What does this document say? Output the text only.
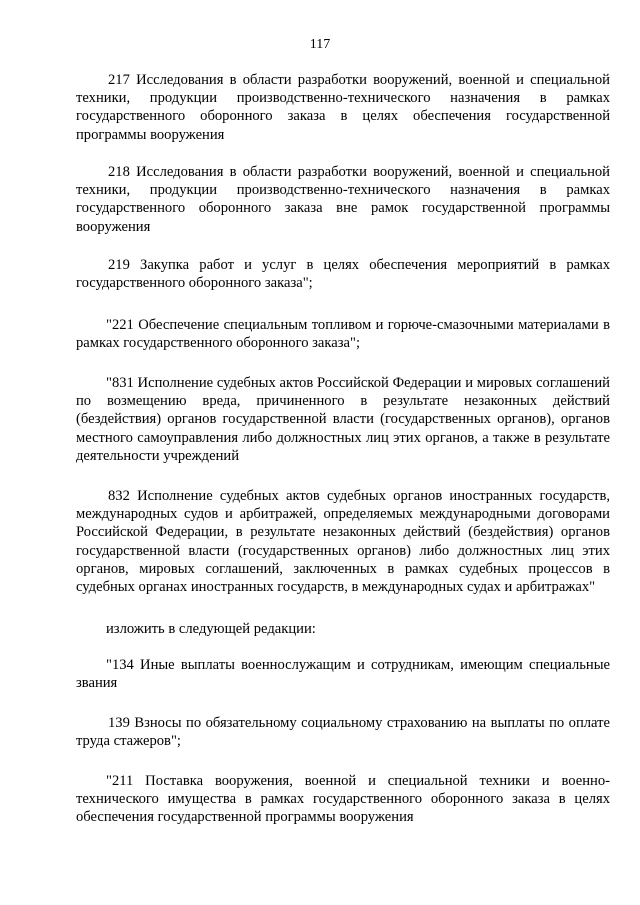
117
217 Исследования в области разработки вооружений, военной и специальной техники, продукции производственно-технического назначения в рамках государственного оборонного заказа в целях обеспечения государственной программы вооружения
218 Исследования в области разработки вооружений, военной и специальной техники, продукции производственно-технического назначения в рамках государственного оборонного заказа вне рамок государственной программы вооружения
219 Закупка работ и услуг в целях обеспечения мероприятий в рамках государственного оборонного заказа";
"221 Обеспечение специальным топливом и горюче-смазочными материалами в рамках государственного оборонного заказа";
"831 Исполнение судебных актов Российской Федерации и мировых соглашений по возмещению вреда, причиненного в результате незаконных действий (бездействия) органов государственной власти (государственных органов), органов местного самоуправления либо должностных лиц этих органов, а также в результате деятельности учреждений
832 Исполнение судебных актов судебных органов иностранных государств, международных судов и арбитражей, определяемых международными договорами Российской Федерации, в результате незаконных действий (бездействия) органов государственной власти (государственных органов) либо должностных лиц этих органов, мировых соглашений, заключенных в рамках судебных процессов в судебных органах иностранных государств, в международных судах и арбитражах"
изложить в следующей редакции:
"134 Иные выплаты военнослужащим и сотрудникам, имеющим специальные звания
139 Взносы по обязательному социальному страхованию на выплаты по оплате труда стажеров";
"211 Поставка вооружения, военной и специальной техники и военно-технического имущества в рамках государственного оборонного заказа в целях обеспечения государственной программы вооружения
